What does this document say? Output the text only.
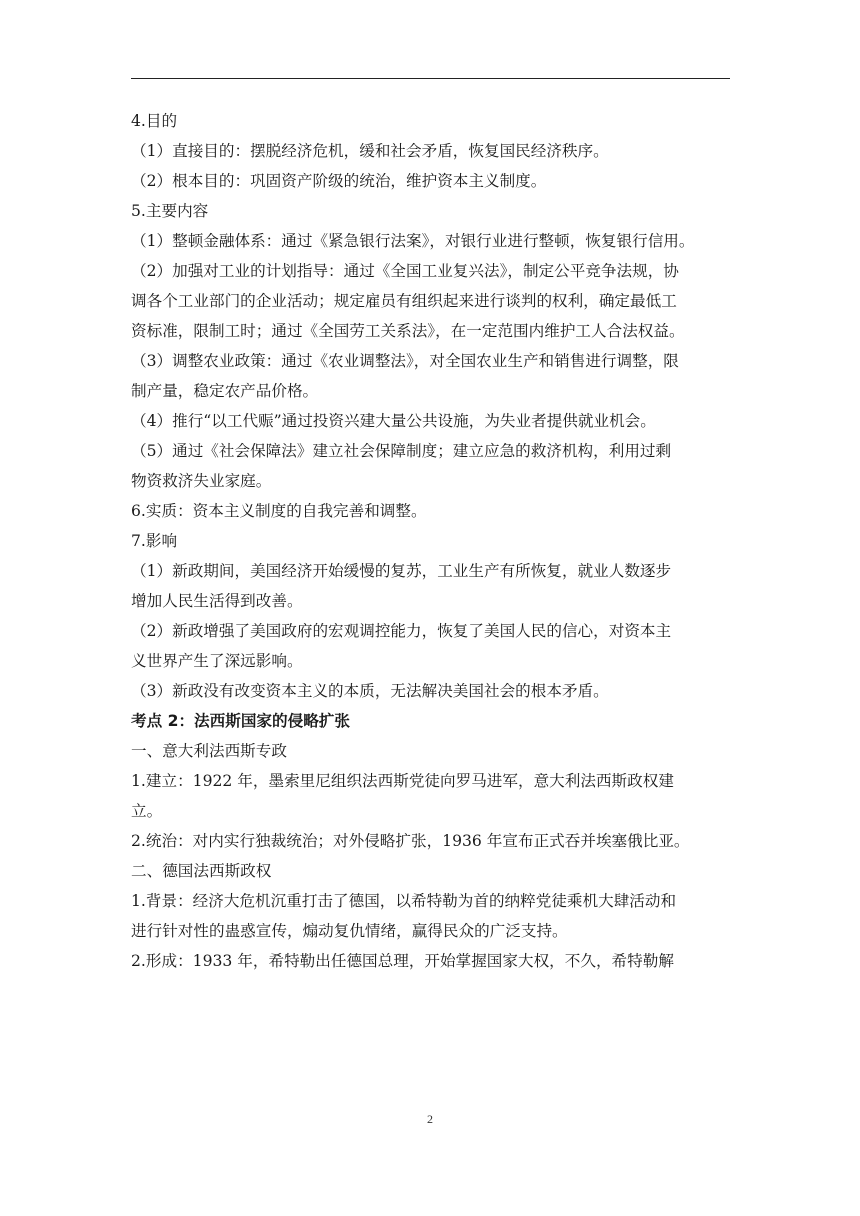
4.目的

（1）直接目的：摆脱经济危机，缓和社会矛盾，恢复国民经济秩序。

（2）根本目的：巩固资产阶级的统治，维护资本主义制度。

5.主要内容

（1）整顿金融体系：通过《紧急银行法案》，对银行业进行整顿，恢复银行信用。

（2）加强对工业的计划指导：通过《全国工业复兴法》，制定公平竞争法规，协

调各个工业部门的企业活动；规定雇员有组织起来进行谈判的权利，确定最低工

资标准，限制工时；通过《全国劳工关系法》，在一定范围内维护工人合法权益。

（3）调整农业政策：通过《农业调整法》，对全国农业生产和销售进行调整，限

制产量，稳定农产品价格。

（4）推行“以工代赈”通过投资兴建大量公共设施，为失业者提供就业机会。

（5）通过《社会保障法》建立社会保障制度；建立应急的救济机构，利用过剩

物资救济失业家庭。

6.实质：资本主义制度的自我完善和调整。

7.影响

（1）新政期间，美国经济开始缓慢的复苏，工业生产有所恢复，就业人数逐步

增加人民生活得到改善。

（2）新政增强了美国政府的宏观调控能力，恢复了美国人民的信心，对资本主

义世界产生了深远影响。

（3）新政没有改变资本主义的本质，无法解决美国社会的根本矛盾。

考点 2：法西斯国家的侵略扩张

一、意大利法西斯专政

1.建立：1922 年，墨索里尼组织法西斯党徒向罗马进军，意大利法西斯政权建

立。

2.统治：对内实行独裁统治；对外侵略扩张，1936 年宣布正式吞并埃塞俄比亚。

二、德国法西斯政权

1.背景：经济大危机沉重打击了德国，以希特勒为首的纳粹党徒乘机大肆活动和

进行针对性的蛊惑宣传，煽动复仇情绪，赢得民众的广泛支持。

2.形成：1933 年，希特勒出任德国总理，开始掌握国家大权，不久，希特勒解

2
